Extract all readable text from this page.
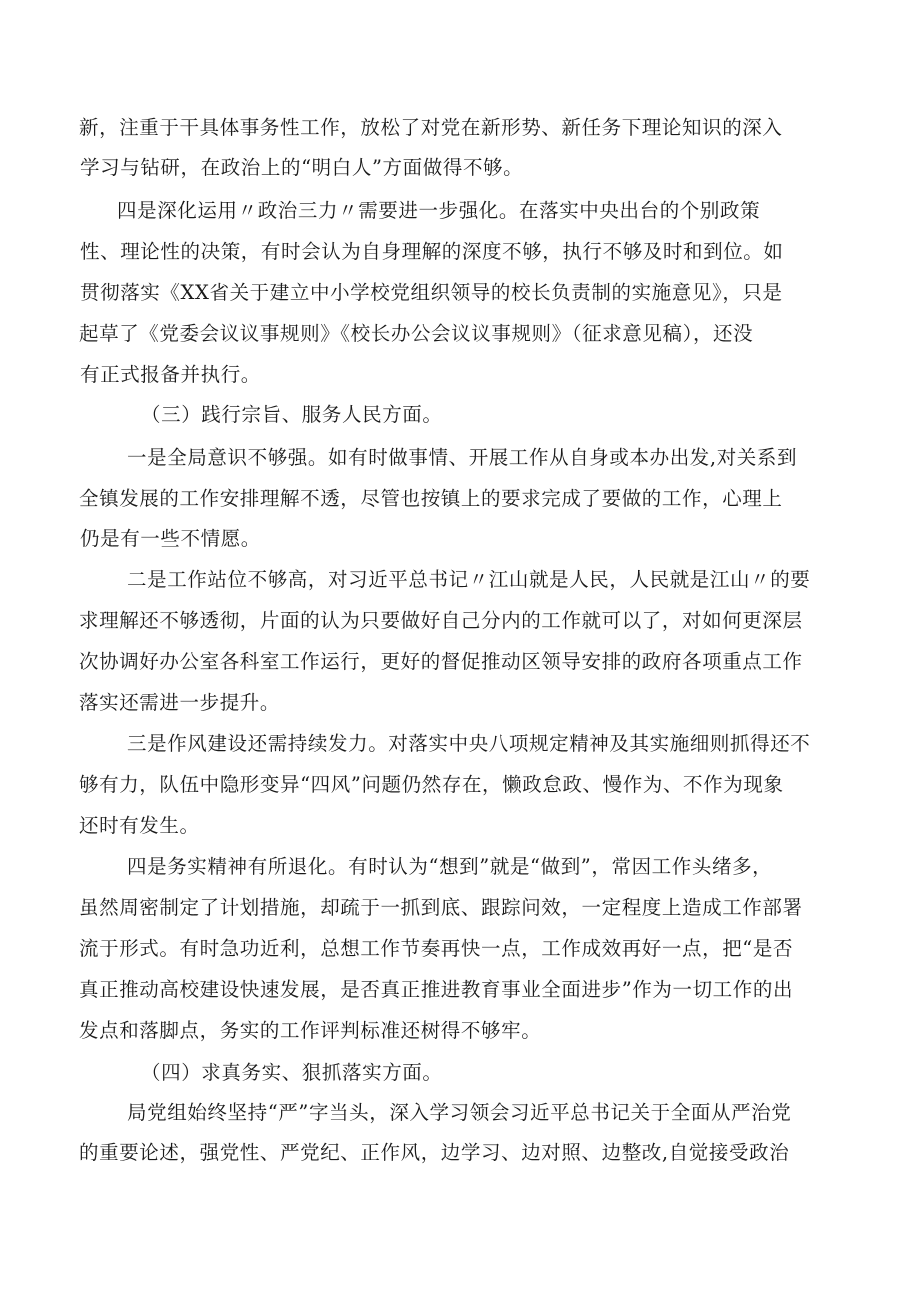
新，注重于干具体事务性工作，放松了对党在新形势、新任务下理论知识的深入
学习与钻研，在政治上的“明白人”方面做得不够。
四是深化运用〃政治三力〃需要进一步强化。在落实中央出台的个别政策
性、理论性的决策，有时会认为自身理解的深度不够，执行不够及时和到位。如
贯彻落实《XX省关于建立中小学校党组织领导的校长负责制的实施意见》，只是
起草了《党委会议议事规则》《校长办公会议议事规则》（征求意见稿），还没
有正式报备并执行。
（三）践行宗旨、服务人民方面。
一是全局意识不够强。如有时做事情、开展工作从自身或本办出发,对关系到
全镇发展的工作安排理解不透，尽管也按镇上的要求完成了要做的工作，心理上
仍是有一些不情愿。
二是工作站位不够高，对习近平总书记〃江山就是人民，人民就是江山〃的要
求理解还不够透彻，片面的认为只要做好自己分内的工作就可以了，对如何更深层
次协调好办公室各科室工作运行，更好的督促推动区领导安排的政府各项重点工作
落实还需进一步提升。
三是作风建设还需持续发力。对落实中央八项规定精神及其实施细则抓得还不
够有力，队伍中隐形变异“四风”问题仍然存在，懒政怠政、慢作为、不作为现象
还时有发生。
四是务实精神有所退化。有时认为“想到”就是“做到”，常因工作头绪多，
虽然周密制定了计划措施，却疏于一抓到底、跟踪问效，一定程度上造成工作部署
流于形式。有时急功近利，总想工作节奏再快一点，工作成效再好一点，把“是否
真正推动高校建设快速发展，是否真正推进教育事业全面进步”作为一切工作的出
发点和落脚点，务实的工作评判标准还树得不够牢。
（四）求真务实、狠抓落实方面。
局党组始终坚持“严”字当头，深入学习领会习近平总书记关于全面从严治党
的重要论述，强党性、严党纪、正作风，边学习、边对照、边整改,自觉接受政治
